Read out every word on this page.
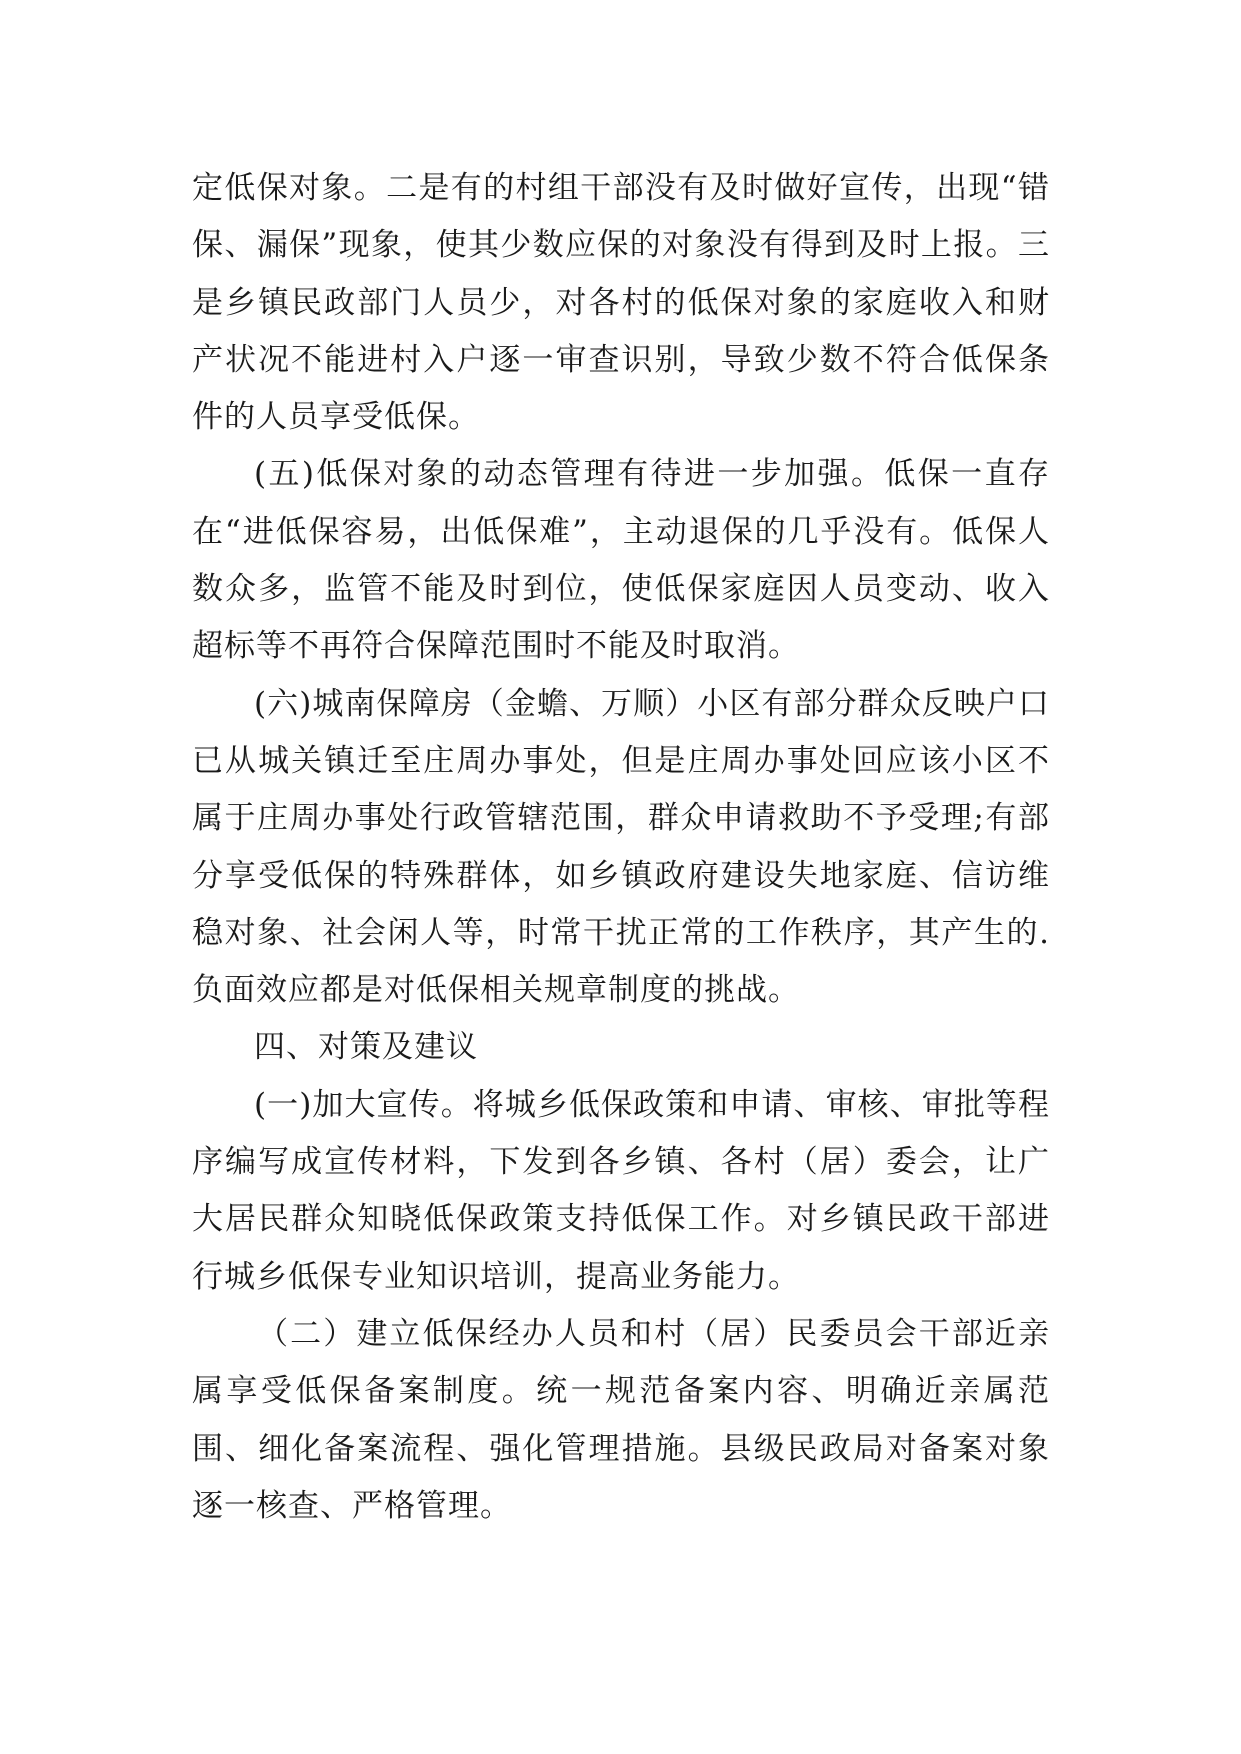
定低保对象。二是有的村组干部没有及时做好宣传，出现“错保、漏保”现象，使其少数应保的对象没有得到及时上报。三是乡镇民政部门人员少，对各村的低保对象的家庭收入和财产状况不能进村入户逐一审查识别，导致少数不符合低保条件的人员享受低保。

(五)低保对象的动态管理有待进一步加强。低保一直存在“进低保容易，出低保难”，主动退保的几乎没有。低保人数众多，监管不能及时到位，使低保家庭因人员变动、收入超标等不再符合保障范围时不能及时取消。

(六)城南保障房（金蟾、万顺）小区有部分群众反映户口已从城关镇迁至庄周办事处，但是庄周办事处回应该小区不属于庄周办事处行政管辖范围，群众申请救助不予受理;有部分享受低保的特殊群体，如乡镇政府建设失地家庭、信访维稳对象、社会闲人等，时常干扰正常的工作秩序，其产生的.负面效应都是对低保相关规章制度的挑战。

四、对策及建议

(一)加大宣传。将城乡低保政策和申请、审核、审批等程序编写成宣传材料，下发到各乡镇、各村（居）委会，让广大居民群众知晓低保政策支持低保工作。对乡镇民政干部进行城乡低保专业知识培训，提高业务能力。

（二）建立低保经办人员和村（居）民委员会干部近亲属享受低保备案制度。统一规范备案内容、明确近亲属范围、细化备案流程、强化管理措施。县级民政局对备案对象逐一核查、严格管理。
